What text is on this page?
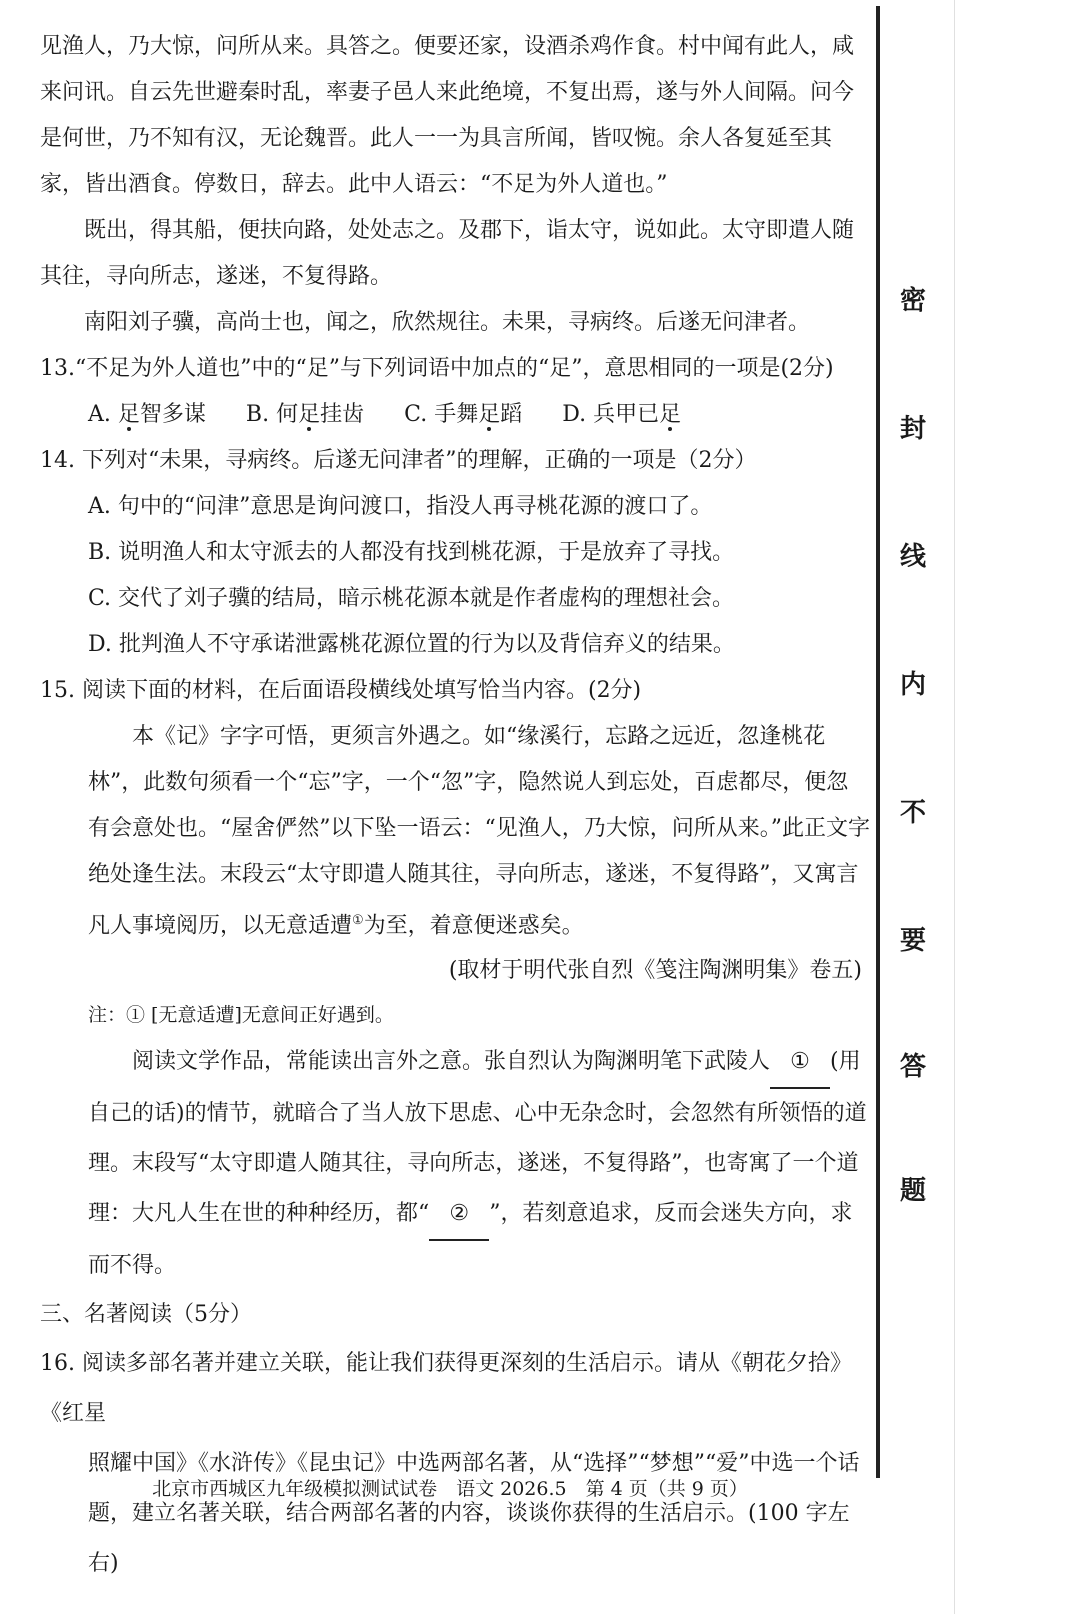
见渔人，乃大惊，问所从来。具答之。便要还家，设酒杀鸡作食。村中闻有此人，咸来问讯。自云先世避秦时乱，率妻子邑人来此绝境，不复出焉，遂与外人间隔。问今是何世，乃不知有汉，无论魏晋。此人一一为具言所闻，皆叹惋。余人各复延至其家，皆出酒食。停数日，辞去。此中人语云：“不足为外人道也。”

既出，得其船，便扶向路，处处志之。及郡下，诣太守，说如此。太守即遣人随其往，寻向所志，遂迷，不复得路。

南阳刘子骥，高尚士也，闻之，欣然规往。未果，寻病终。后遂无问津者。

13.“不足为外人道也”中的“足”与下列词语中加点的“足”，意思相同的一项是(2分)

A. 足智多谋 B. 何足挂齿 C. 手舞足蹈 D. 兵甲已足

14. 下列对“未果，寻病终。后遂无问津者”的理解，正确的一项是（2分）

A. 句中的“问津”意思是询问渡口，指没人再寻桃花源的渡口了。

B. 说明渔人和太守派去的人都没有找到桃花源，于是放弃了寻找。

C. 交代了刘子骥的结局，暗示桃花源本就是作者虚构的理想社会。

D. 批判渔人不守承诺泄露桃花源位置的行为以及背信弃义的结果。

15. 阅读下面的材料，在后面语段横线处填写恰当内容。(2分)

本《记》字字可悟，更须言外遇之。如“缘溪行，忘路之远近，忽逢桃花林”，此数句须看一个“忘”字，一个“忽”字，隐然说人到忘处，百虑都尽，便忽有会意处也。“屋舍俨然”以下坠一语云：“见渔人，乃大惊，问所从来。”此正文字绝处逢生法。末段云“太守即遣人随其往，寻向所志，遂迷，不复得路”，又寓言凡人事境阅历，以无意适遭①为至，着意便迷惑矣。

(取材于明代张自烈《笺注陶渊明集》卷五)

注：① [无意适遭]无意间正好遇到。

阅读文学作品，常能读出言外之意。张自烈认为陶渊明笔下武陵人 ① (用自己的话)的情节，就暗合了当人放下思虑、心中无杂念时，会忽然有所领悟的道理。末段写“太守即遣人随其往，寻向所志，遂迷，不复得路”，也寄寓了一个道理：大凡人生在世的种种经历，都“ ② ”，若刻意追求，反而会迷失方向，求而不得。

三、名著阅读（5分）

16. 阅读多部名著并建立关联，能让我们获得更深刻的生活启示。请从《朝花夕拾》《红星

照耀中国》《水浒传》《昆虫记》中选两部名著，从“选择”“梦想”“爱”中选一个话题，建立名著关联，结合两部名著的内容，谈谈你获得的生活启示。(100 字左右)

密
封
线
内
不
要
答
题
北京市西城区九年级模拟测试试卷　语文 2026.5　第 4 页（共 9 页）
